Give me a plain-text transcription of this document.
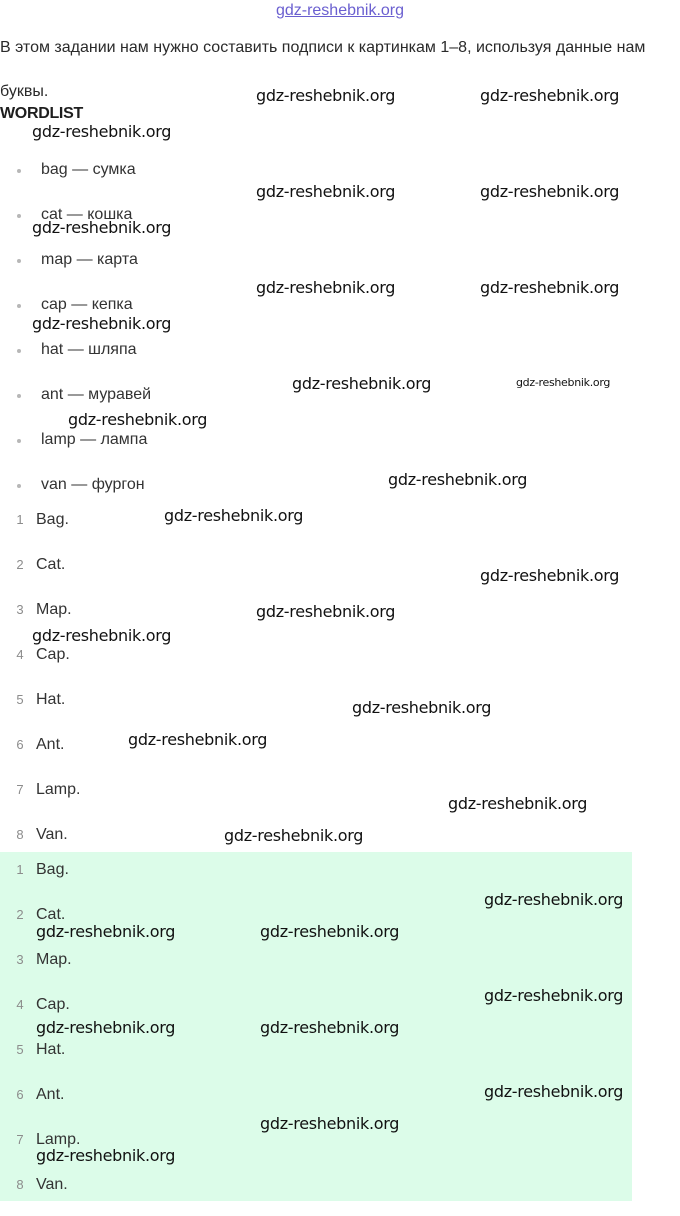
gdz-reshebnik.org
В этом задании нам нужно составить подписи к картинкам 1–8, используя данные нам буквы.
WORDLIST
bag — сумка
cat — кошка
map — карта
cap — кепка
hat — шляпа
ant — муравей
lamp — лампа
van — фургон
1 Bag.
2 Cat.
3 Map.
4 Cap.
5 Hat.
6 Ant.
7 Lamp.
8 Van.
1 Bag.
2 Cat.
3 Map.
4 Cap.
5 Hat.
6 Ant.
7 Lamp.
8 Van.
gdz-reshebnik.org	gdz-reshebnik.org
gdz-reshebnik.org
gdz-reshebnik.org	gdz-reshebnik.org
gdz-reshebnik.org
gdz-reshebnik.org	gdz-reshebnik.org
gdz-reshebnik.org
gdz-reshebnik.org	gdz-reshebnik.org
gdz-reshebnik.org
gdz-reshebnik.org
gdz-reshebnik.org
gdz-reshebnik.org
gdz-reshebnik.org
gdz-reshebnik.org
gdz-reshebnik.org
gdz-reshebnik.org
gdz-reshebnik.org
gdz-reshebnik.org
gdz-reshebnik.org
gdz-reshebnik.org	gdz-reshebnik.org
gdz-reshebnik.org
gdz-reshebnik.org	gdz-reshebnik.org
gdz-reshebnik.org
gdz-reshebnik.org
gdz-reshebnik.org
